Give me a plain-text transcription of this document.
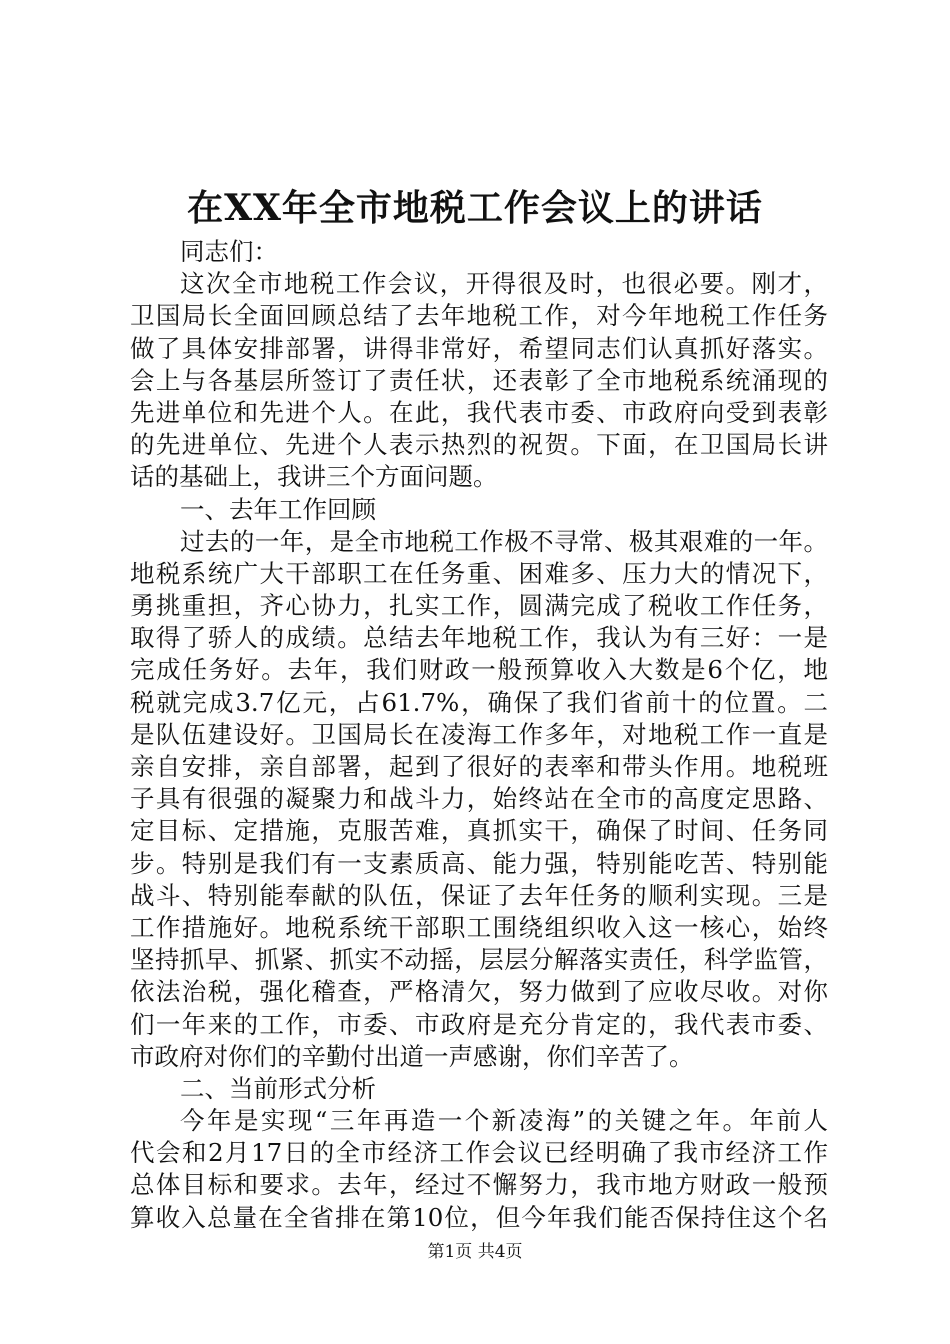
在XX年全市地税工作会议上的讲话
同志们：
这次全市地税工作会议，开得很及时，也很必要。刚才，
卫国局长全面回顾总结了去年地税工作，对今年地税工作任务
做了具体安排部署，讲得非常好，希望同志们认真抓好落实。
会上与各基层所签订了责任状，还表彰了全市地税系统涌现的
先进单位和先进个人。在此，我代表市委、市政府向受到表彰
的先进单位、先进个人表示热烈的祝贺。下面，在卫国局长讲
话的基础上，我讲三个方面问题。
一、去年工作回顾
过去的一年，是全市地税工作极不寻常、极其艰难的一年。
地税系统广大干部职工在任务重、困难多、压力大的情况下，
勇挑重担，齐心协力，扎实工作，圆满完成了税收工作任务，
取得了骄人的成绩。总结去年地税工作，我认为有三好：一是
完成任务好。去年，我们财政一般预算收入大数是6个亿，地
税就完成3.7亿元，占61.7%，确保了我们省前十的位置。二
是队伍建设好。卫国局长在凌海工作多年，对地税工作一直是
亲自安排，亲自部署，起到了很好的表率和带头作用。地税班
子具有很强的凝聚力和战斗力，始终站在全市的高度定思路、
定目标、定措施，克服苦难，真抓实干，确保了时间、任务同
步。特别是我们有一支素质高、能力强，特别能吃苦、特别能
战斗、特别能奉献的队伍，保证了去年任务的顺利实现。三是
工作措施好。地税系统干部职工围绕组织收入这一核心，始终
坚持抓早、抓紧、抓实不动摇，层层分解落实责任，科学监管，
依法治税，强化稽查，严格清欠，努力做到了应收尽收。对你
们一年来的工作，市委、市政府是充分肯定的，我代表市委、
市政府对你们的辛勤付出道一声感谢，你们辛苦了。
二、当前形式分析
今年是实现“三年再造一个新凌海”的关键之年。年前人
代会和2月17日的全市经济工作会议已经明确了我市经济工作
总体目标和要求。去年，经过不懈努力，我市地方财政一般预
算收入总量在全省排在第10位，但今年我们能否保持住这个名
第1页 共4页
